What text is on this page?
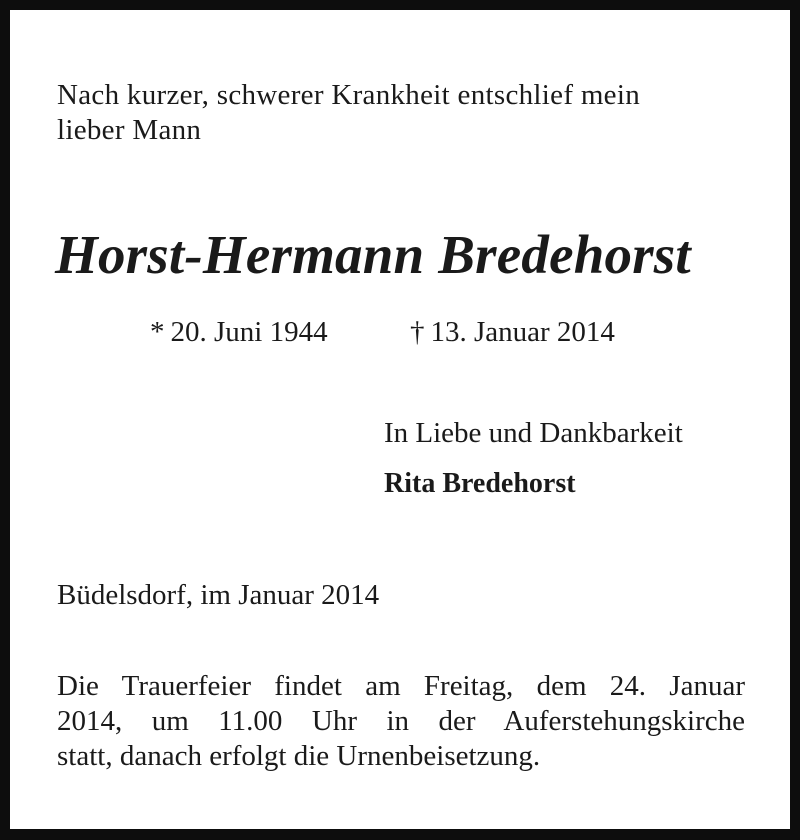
Nach kurzer, schwerer Krankheit entschlief mein
lieber Mann
Horst-Hermann Bredehorst
* 20. Juni 1944	† 13. Januar 2014
In Liebe und Dankbarkeit
Rita Bredehorst
Büdelsdorf, im Januar 2014
Die Trauerfeier findet am Freitag, dem 24. Januar
2014, um 11.00 Uhr in der Auferstehungskirche
statt, danach erfolgt die Urnenbeisetzung.
